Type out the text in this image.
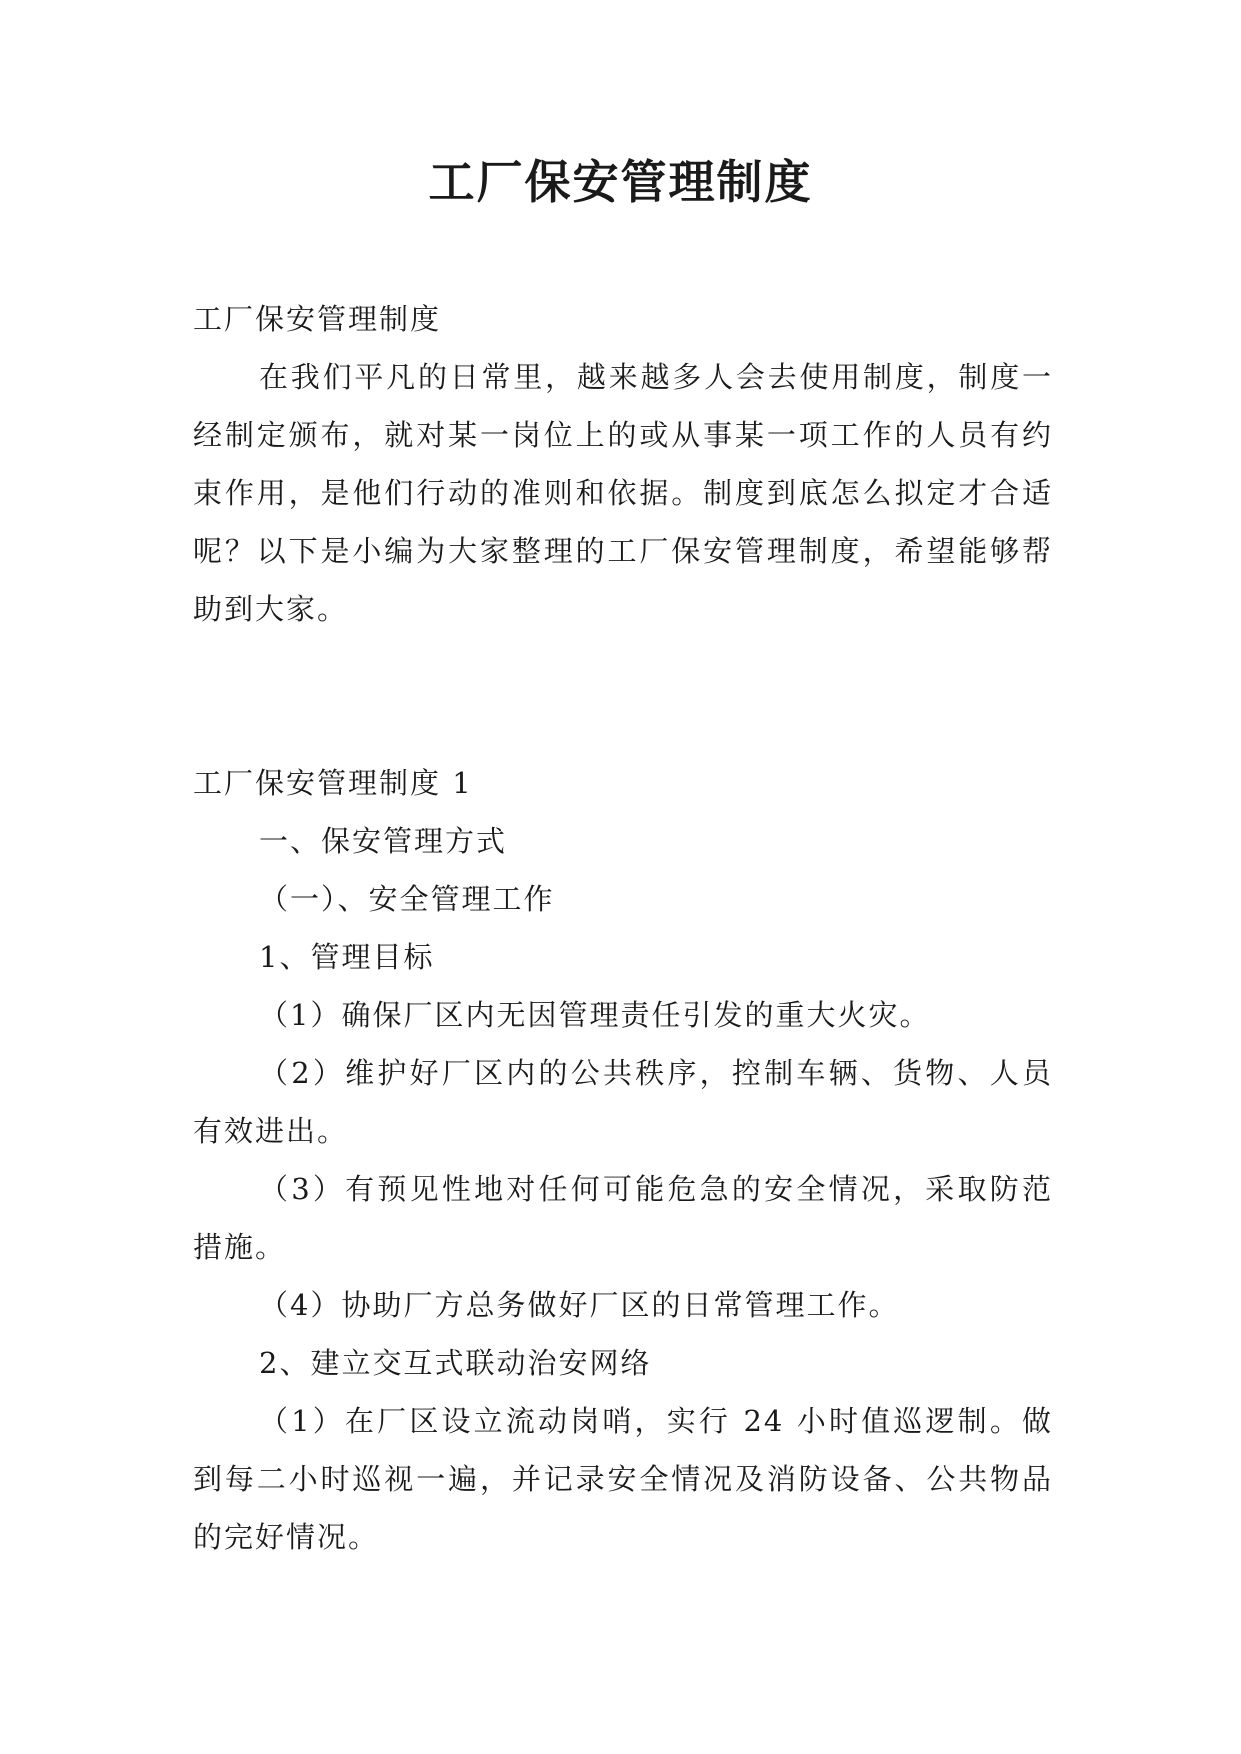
工厂保安管理制度

工厂保安管理制度

在我们平凡的日常里，越来越多人会去使用制度，制度一经制定颁布，就对某一岗位上的或从事某一项工作的人员有约束作用，是他们行动的准则和依据。制度到底怎么拟定才合适呢？以下是小编为大家整理的工厂保安管理制度，希望能够帮助到大家。

工厂保安管理制度 1

一、保安管理方式

（一）、安全管理工作

1、管理目标

（1）确保厂区内无因管理责任引发的重大火灾。

（2）维护好厂区内的公共秩序，控制车辆、货物、人员有效进出。

（3）有预见性地对任何可能危急的安全情况，采取防范措施。

（4）协助厂方总务做好厂区的日常管理工作。

2、建立交互式联动治安网络

（1）在厂区设立流动岗哨，实行 24 小时值巡逻制。做到每二小时巡视一遍，并记录安全情况及消防设备、公共物品的完好情况。
